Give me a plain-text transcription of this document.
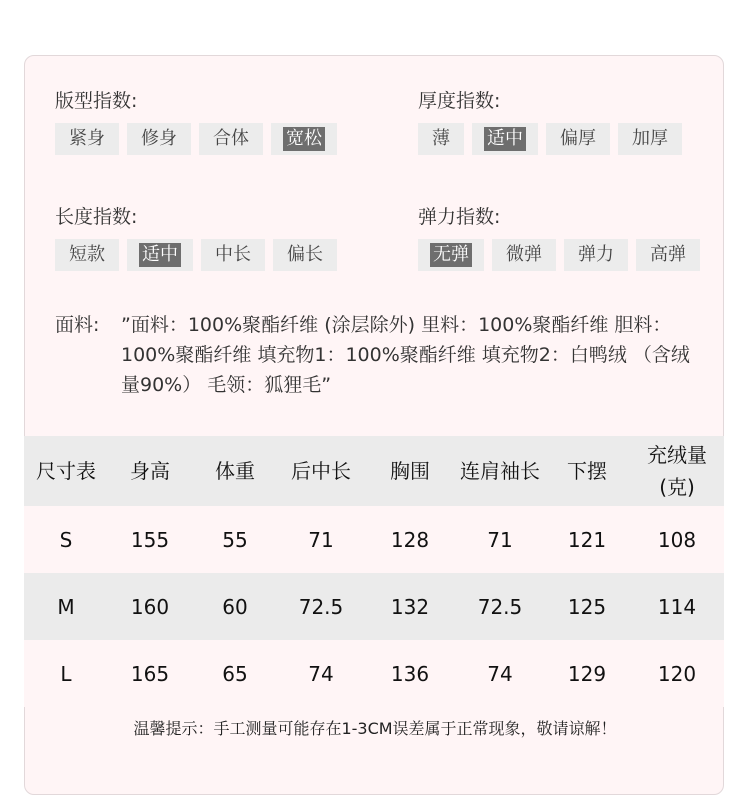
版型指数:
紧身	修身	合体	宽松
厚度指数:
薄	适中	偏厚	加厚
长度指数:
短款	适中	中长	偏长
弹力指数:
无弹	微弹	弹力	高弹
面料: ”面料：100%聚酯纤维 (涂层除外) 里料：100%聚酯纤维 胆料：100%聚酯纤维 填充物1：100%聚酯纤维 填充物2：白鸭绒 （含绒量90%） 毛领：狐狸毛”
尺寸表	身高	体重	后中长	胸围	连肩袖长	下摆	充绒量
(克)
S	155	55	71	128	71	121	108
M	160	60	72.5	132	72.5	125	114
L	165	65	74	136	74	129	120
温馨提示：手工测量可能存在1-3CM误差属于正常现象，敬请谅解！
